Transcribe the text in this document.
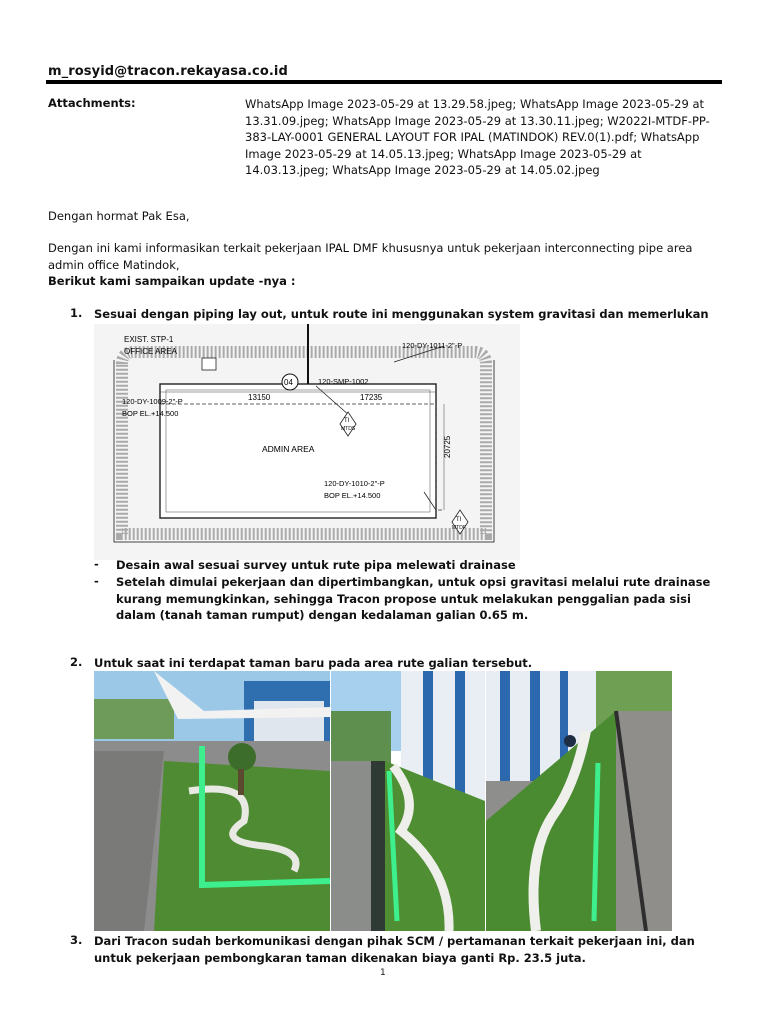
m_rosyid@tracon.rekayasa.co.id
Attachments:	WhatsApp Image 2023-05-29 at 13.29.58.jpeg; WhatsApp Image 2023-05-29 at 13.31.09.jpeg; WhatsApp Image 2023-05-29 at 13.30.11.jpeg; W2022I-MTDF-PP-383-LAY-0001 GENERAL LAYOUT FOR IPAL (MATINDOK) REV.0(1).pdf; WhatsApp Image 2023-05-29 at 14.05.13.jpeg; WhatsApp Image 2023-05-29 at 14.03.13.jpeg; WhatsApp Image 2023-05-29 at 14.05.02.jpeg
Dengan hormat Pak Esa,
Dengan ini kami informasikan terkait pekerjaan IPAL DMF khususnya untuk pekerjaan interconnecting pipe area admin office Matindok,
Berikut kami sampaikan update -nya :
1. Sesuai dengan piping lay out, untuk route ini menggunakan system gravitasi dan memerlukan
EXIST. STP-1
OFFICE AREA
120-DY-1011-2"-P
04	120-SMP-1002
120-DY-1009-2"-P
BOP EL.+14.500
13150	17235
TI
MTDS
ADMIN AREA	20725
120-DY-1010-2"-P
BOP EL.+14.500
TI
MTDF
- Desain awal sesuai survey untuk rute pipa melewati drainase
- Setelah dimulai pekerjaan dan dipertimbangkan, untuk opsi gravitasi melalui rute drainase kurang memungkinkan, sehingga Tracon propose untuk melakukan penggalian pada sisi dalam (tanah taman rumput) dengan kedalaman galian 0.65 m.
2. Untuk saat ini terdapat taman baru pada area rute galian tersebut.
3. Dari Tracon sudah berkomunikasi dengan pihak SCM / pertamanan terkait pekerjaan ini, dan untuk pekerjaan pembongkaran taman dikenakan biaya ganti Rp. 23.5 juta.
1
